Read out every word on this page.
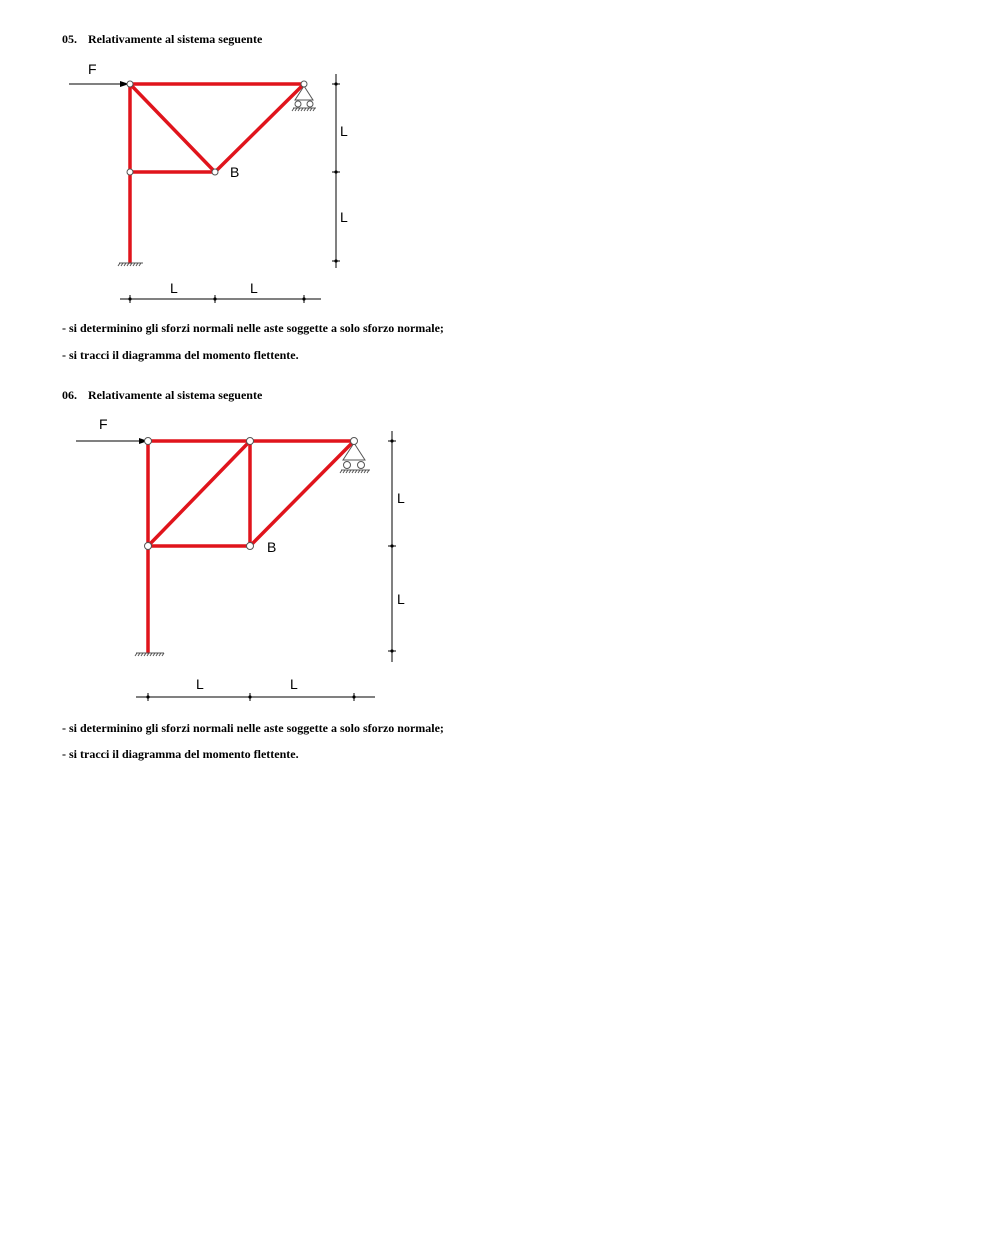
05. Relativamente al sistema seguente
F
B
L
L
L	L
F
B
L
L
L	L
- si determinino gli sforzi normali nelle aste soggette a solo sforzo normale;
- si tracci il diagramma del momento flettente.
06. Relativamente al sistema seguente
- si determinino gli sforzi normali nelle aste soggette a solo sforzo normale;
- si tracci il diagramma del momento flettente.
